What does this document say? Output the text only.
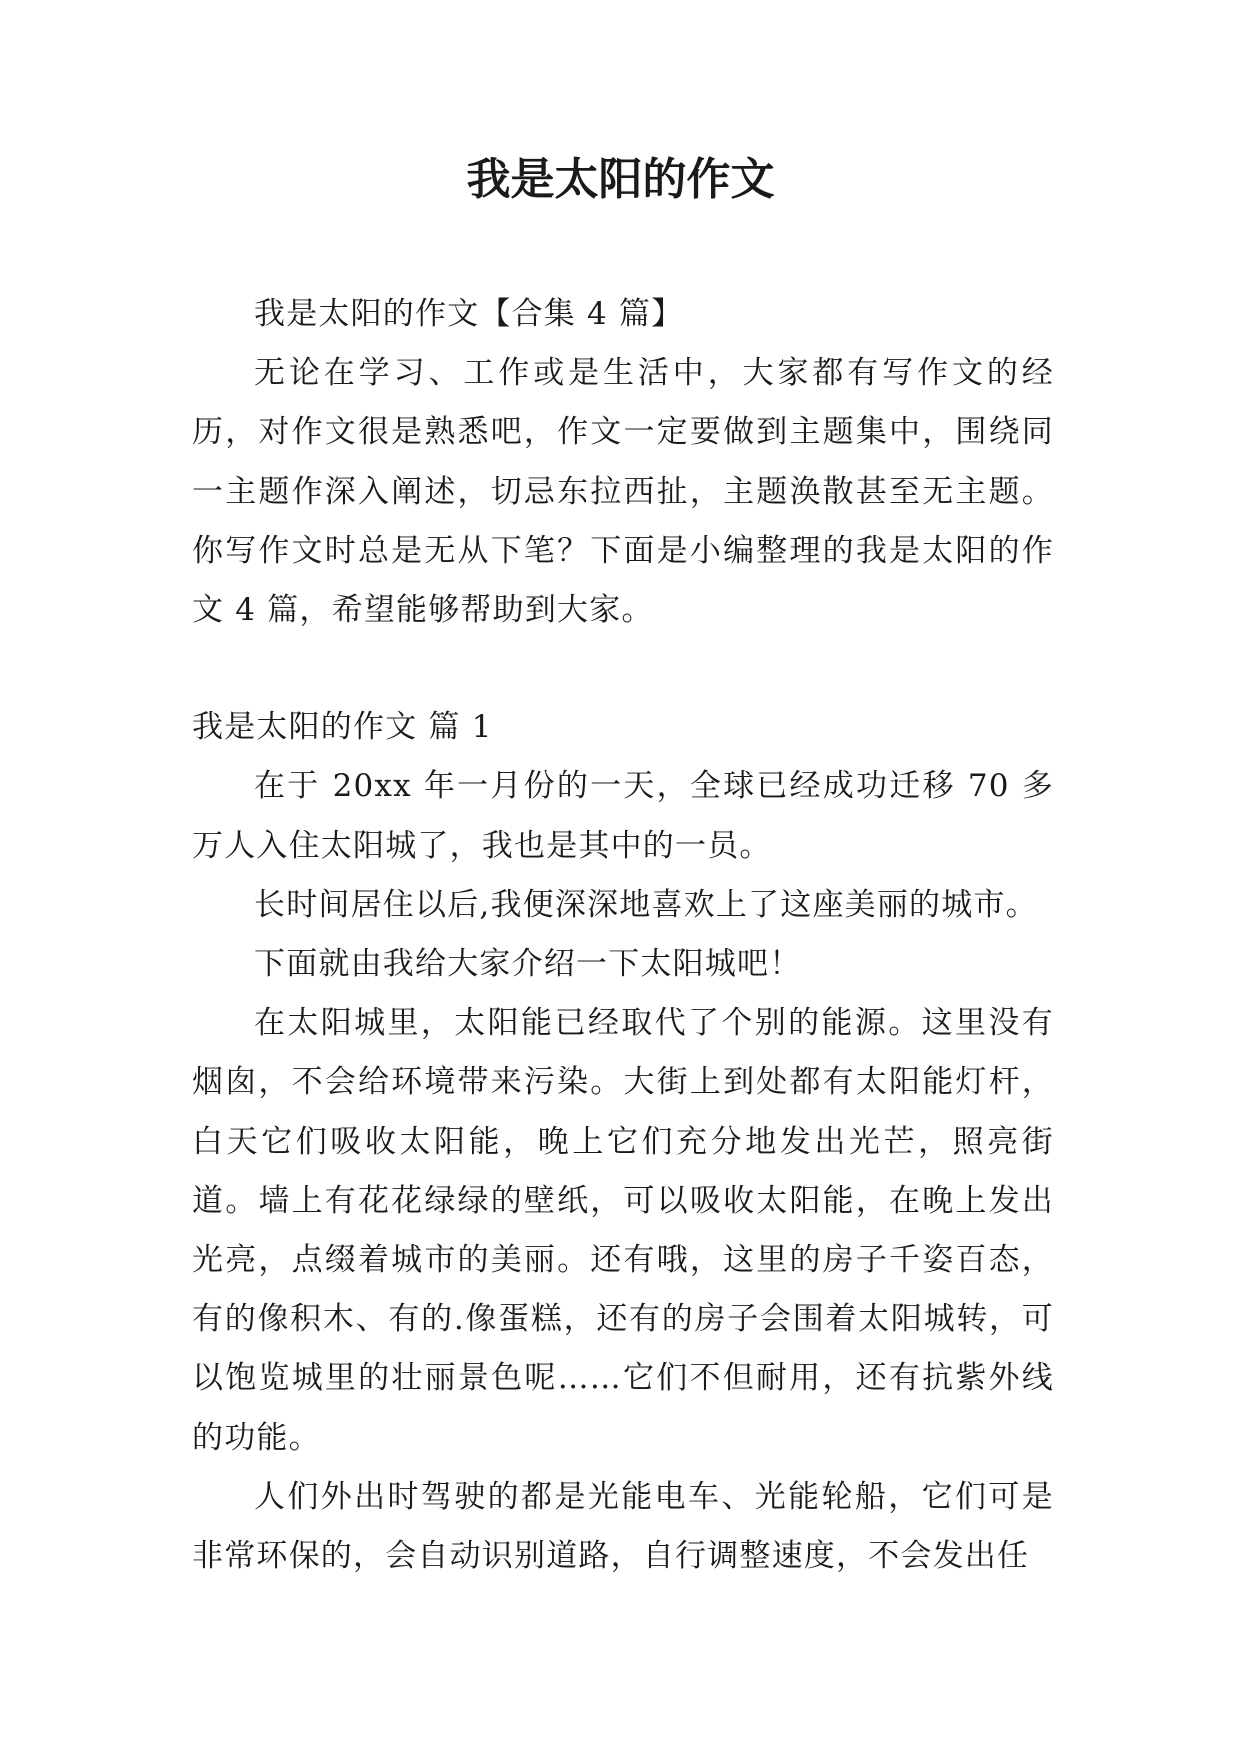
我是太阳的作文

我是太阳的作文【合集 4 篇】

无论在学习、工作或是生活中，大家都有写作文的经历，对作文很是熟悉吧，作文一定要做到主题集中，围绕同一主题作深入阐述，切忌东拉西扯，主题涣散甚至无主题。你写作文时总是无从下笔？下面是小编整理的我是太阳的作文 4 篇，希望能够帮助到大家。

我是太阳的作文 篇 1

在于 20xx 年一月份的一天，全球已经成功迁移 70 多万人入住太阳城了，我也是其中的一员。

长时间居住以后,我便深深地喜欢上了这座美丽的城市。

下面就由我给大家介绍一下太阳城吧！

在太阳城里，太阳能已经取代了个别的能源。这里没有烟囱，不会给环境带来污染。大街上到处都有太阳能灯杆，白天它们吸收太阳能，晚上它们充分地发出光芒，照亮街道。墙上有花花绿绿的壁纸，可以吸收太阳能，在晚上发出光亮，点缀着城市的美丽。还有哦，这里的房子千姿百态，有的像积木、有的.像蛋糕，还有的房子会围着太阳城转，可以饱览城里的壮丽景色呢……它们不但耐用，还有抗紫外线的功能。

人们外出时驾驶的都是光能电车、光能轮船，它们可是非常环保的，会自动识别道路，自行调整速度，不会发出任
